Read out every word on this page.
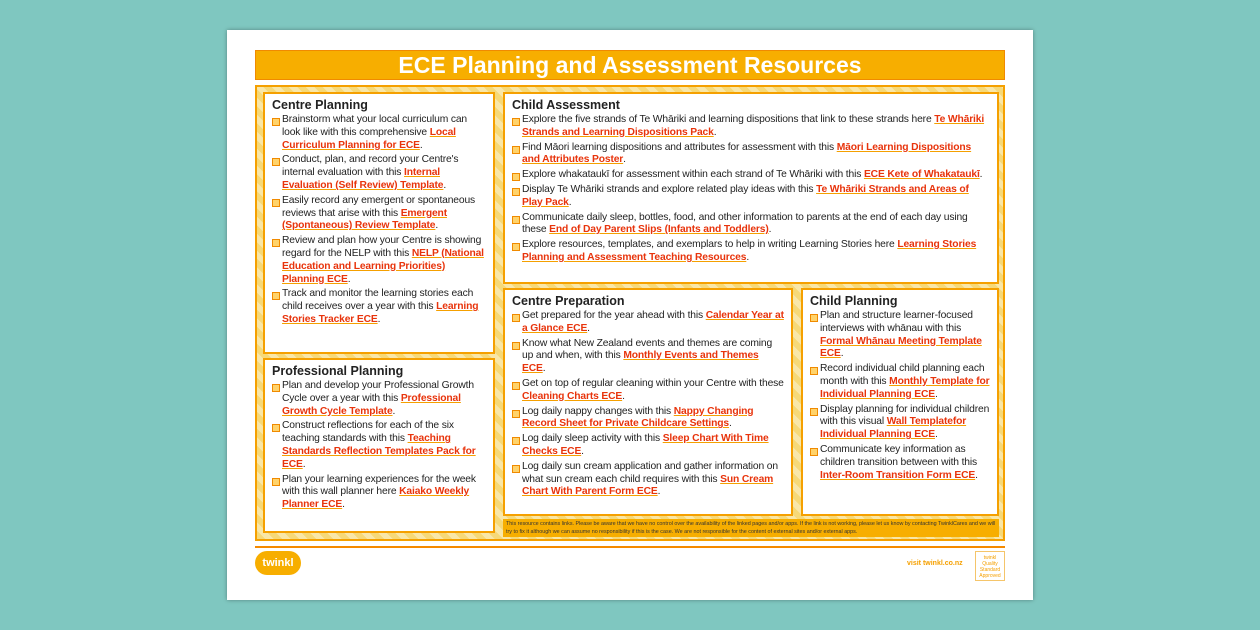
ECE Planning and Assessment Resources
Centre Planning
Brainstorm what your local curriculum can look like with this comprehensive Local Curriculum Planning for ECE.
Conduct, plan, and record your Centre's internal evaluation with this Internal Evaluation (Self Review) Template.
Easily record any emergent or spontaneous reviews that arise with this Emergent (Spontaneous) Review Template.
Review and plan how your Centre is showing regard for the NELP with this NELP (National Education and Learning Priorities) Planning ECE.
Track and monitor the learning stories each child receives over a year with this Learning Stories Tracker ECE.
Professional Planning
Plan and develop your Professional Growth Cycle over a year with this Professional Growth Cycle Template.
Construct reflections for each of the six teaching standards with this Teaching Standards Reflection Templates Pack for ECE.
Plan your learning experiences for the week with this wall planner here Kaiako Weekly Planner ECE.
Child Assessment
Explore the five strands of Te Whāriki and learning dispositions that link to these strands here Te Whāriki Strands and Learning Dispositions Pack.
Find Māori learning dispositions and attributes for assessment with this Māori Learning Dispositions and Attributes Poster.
Explore whakataukī for assessment within each strand of Te Whāriki with this ECE Kete of Whakataukī.
Display Te Whāriki strands and explore related play ideas with this Te Whāriki Strands and Areas of Play Pack.
Communicate daily sleep, bottles, food, and other information to parents at the end of each day using these End of Day Parent Slips (Infants and Toddlers).
Explore resources, templates, and exemplars to help in writing Learning Stories here Learning Stories Planning and Assessment Teaching Resources.
Centre Preparation
Get prepared for the year ahead with this Calendar Year at a Glance ECE.
Know what New Zealand events and themes are coming up and when, with this Monthly Events and Themes ECE.
Get on top of regular cleaning within your Centre with these Cleaning Charts ECE.
Log daily nappy changes with this Nappy Changing Record Sheet for Private Childcare Settings.
Log daily sleep activity with this Sleep Chart With Time Checks ECE.
Log daily sun cream application and gather information on what sun cream each child requires with this Sun Cream Chart With Parent Form ECE.
Child Planning
Plan and structure learner-focused interviews with whānau with this Formal Whānau Meeting Template ECE.
Record individual child planning each month with this Monthly Template for Individual Planning ECE.
Display planning for individual children with this visual Wall Templatefor Individual Planning ECE.
Communicate key information as children transition between with this Inter-Room Transition Form ECE.
This resource contains links. Please be aware that we have no control over the availability of the linked pages and/or apps. If the link is not working, please let us know by contacting TwinklCares and we will try to fix it although we can assume no responsibility if this is the case. We are not responsible for the content of external sites and/or external apps.
twinkl	visit twinkl.co.nz
twinkl Quality Standard Approved
